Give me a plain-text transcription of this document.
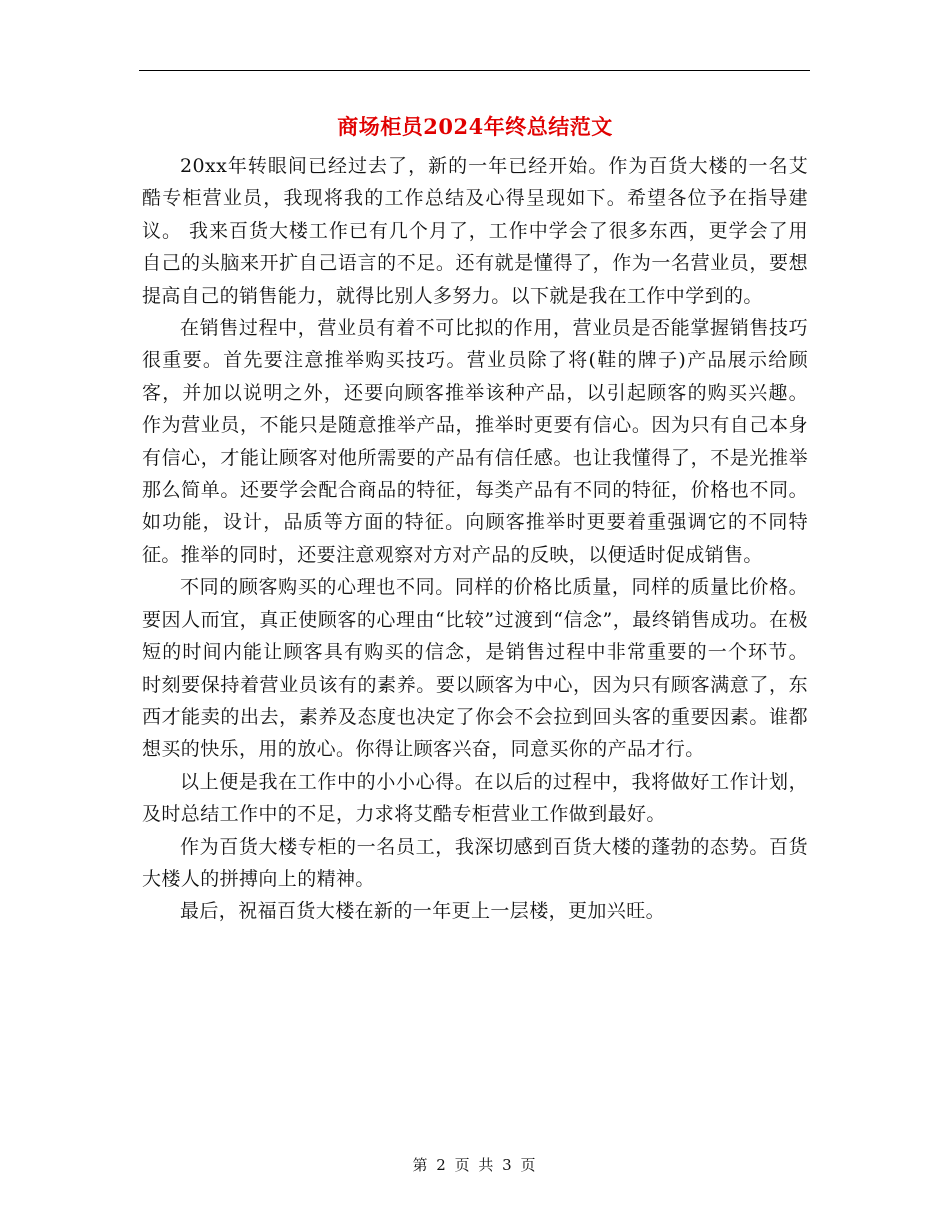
商场柜员2024年终总结范文

20xx年转眼间已经过去了，新的一年已经开始。作为百货大楼的一名艾酷专柜营业员，我现将我的工作总结及心得呈现如下。希望各位予在指导建议。 我来百货大楼工作已有几个月了，工作中学会了很多东西，更学会了用自己的头脑来开扩自己语言的不足。还有就是懂得了，作为一名营业员，要想提高自己的销售能力，就得比别人多努力。以下就是我在工作中学到的。

在销售过程中，营业员有着不可比拟的作用，营业员是否能掌握销售技巧很重要。首先要注意推举购买技巧。营业员除了将(鞋的牌子)产品展示给顾客，并加以说明之外，还要向顾客推举该种产品，以引起顾客的购买兴趣。 作为营业员，不能只是随意推举产品，推举时更要有信心。因为只有自己本身有信心，才能让顾客对他所需要的产品有信任感。也让我懂得了，不是光推举那么简单。还要学会配合商品的特征，每类产品有不同的特征，价格也不同。如功能，设计，品质等方面的特征。向顾客推举时更要着重强调它的不同特征。推举的同时，还要注意观察对方对产品的反映，以便适时促成销售。

不同的顾客购买的心理也不同。同样的价格比质量，同样的质量比价格。要因人而宜，真正使顾客的心理由“比较”过渡到“信念”，最终销售成功。在极短的时间内能让顾客具有购买的信念，是销售过程中非常重要的一个环节。 时刻要保持着营业员该有的素养。要以顾客为中心，因为只有顾客满意了，东西才能卖的出去，素养及态度也决定了你会不会拉到回头客的重要因素。谁都想买的快乐，用的放心。你得让顾客兴奋，同意买你的产品才行。

以上便是我在工作中的小小心得。在以后的过程中，我将做好工作计划，及时总结工作中的不足，力求将艾酷专柜营业工作做到最好。

作为百货大楼专柜的一名员工，我深切感到百货大楼的蓬勃的态势。百货大楼人的拼搏向上的精神。

最后，祝福百货大楼在新的一年更上一层楼，更加兴旺。

第 2 页 共 3 页
